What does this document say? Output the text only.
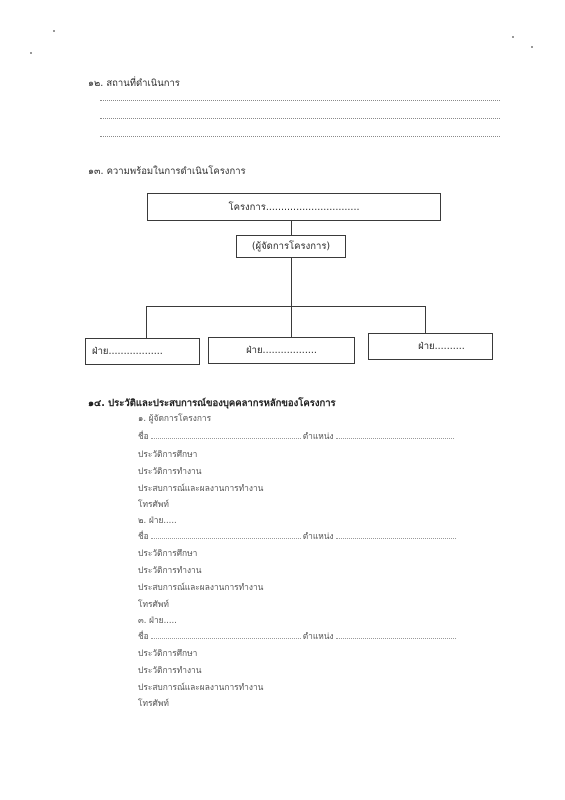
๑๒. สถานที่ดำเนินการ
๑๓. ความพร้อมในการดำเนินโครงการ
โครงการ...............................
(ผู้จัดการโครงการ)
ฝ่าย..................	ฝ่าย..................	ฝ่าย..........
๑๔. ประวัติและประสบการณ์ของบุคคลากรหลักของโครงการ
๑. ผู้จัดการโครงการ
ชื่อ	ตำแหน่ง
ประวัติการศึกษา
ประวัติการทำงาน
ประสบการณ์และผลงานการทำงาน
โทรศัพท์
๒. ฝ่าย.....
ชื่อ	ตำแหน่ง
ประวัติการศึกษา
ประวัติการทำงาน
ประสบการณ์และผลงานการทำงาน
โทรศัพท์
๓. ฝ่าย.....
ชื่อ	ตำแหน่ง
ประวัติการศึกษา
ประวัติการทำงาน
ประสบการณ์และผลงานการทำงาน
โทรศัพท์
